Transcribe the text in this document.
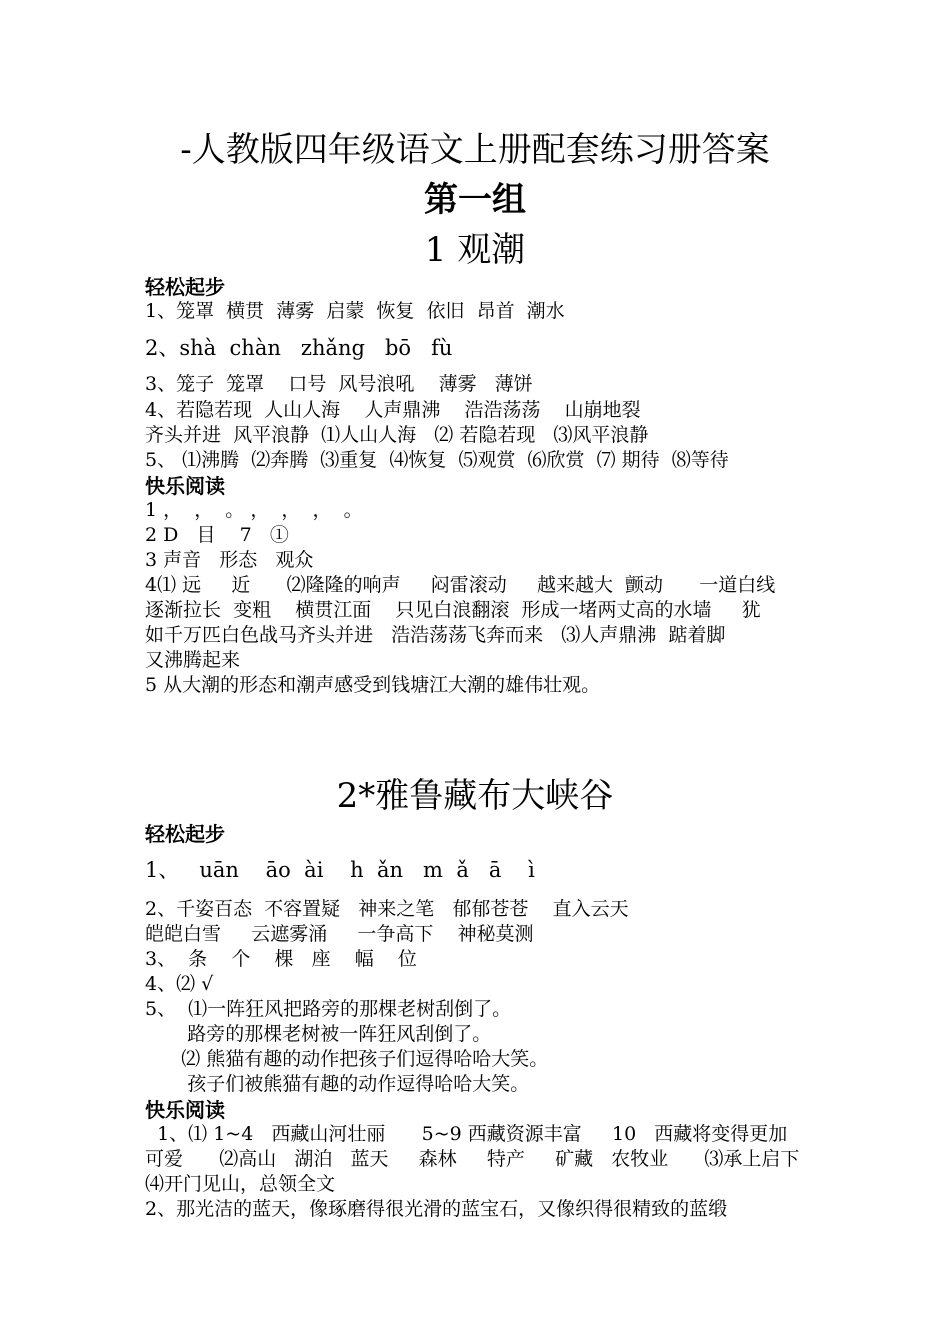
-人教版四年级语文上册配套练习册答案
第一组
1 观潮
轻松起步
1、笼罩  横贯  薄雾  启蒙  恢复  依旧  昂首  潮水
2、shà  chàn   zhǎng   bō   fù
3、笼子  笼罩    口号  风号浪吼    薄雾   薄饼
4、若隐若现  人山人海    人声鼎沸    浩浩荡荡    山崩地裂
齐头并进  风平浪静  ⑴人山人海   ⑵ 若隐若现   ⑶风平浪静
5、 ⑴沸腾  ⑵奔腾  ⑶重复  ⑷恢复  ⑸观赏  ⑹欣赏  ⑺ 期待  ⑻等待
快乐阅读
1 ，  ，  。 ，  ，  ，  。
2 D   目    7   ①
3 声音   形态   观众
4⑴ 远     近      ⑵隆隆的响声     闷雷滚动     越来越大  颤动      一道白线
逐渐拉长  变粗    横贯江面    只见白浪翻滚  形成一堵两丈高的水墙     犹
如千万匹白色战马齐头并进   浩浩荡荡飞奔而来   ⑶人声鼎沸  踮着脚
又沸腾起来
5 从大潮的形态和潮声感受到钱塘江大潮的雄伟壮观。
2*雅鲁藏布大峡谷
轻松起步
1、   uān    āo  ài    h  ǎn   m  ǎ   ā    ì
2、千姿百态  不容置疑   神来之笔   郁郁苍苍    直入云天
皑皑白雪     云遮雾涌     一争高下    神秘莫测
3、  条    个    棵   座    幅    位
4、⑵ √
5、  ⑴一阵狂风把路旁的那棵老树刮倒了。
路旁的那棵老树被一阵狂风刮倒了。
⑵ 熊猫有趣的动作把孩子们逗得哈哈大笑。
孩子们被熊猫有趣的动作逗得哈哈大笑。
快乐阅读
1、⑴ 1~4   西藏山河壮丽      5~9 西藏资源丰富     10   西藏将变得更加
可爱      ⑵高山   湖泊   蓝天     森林     特产     矿藏   农牧业      ⑶承上启下
⑷开门见山，总领全文
2、那光洁的蓝天，像琢磨得很光滑的蓝宝石，又像织得很精致的蓝缎
